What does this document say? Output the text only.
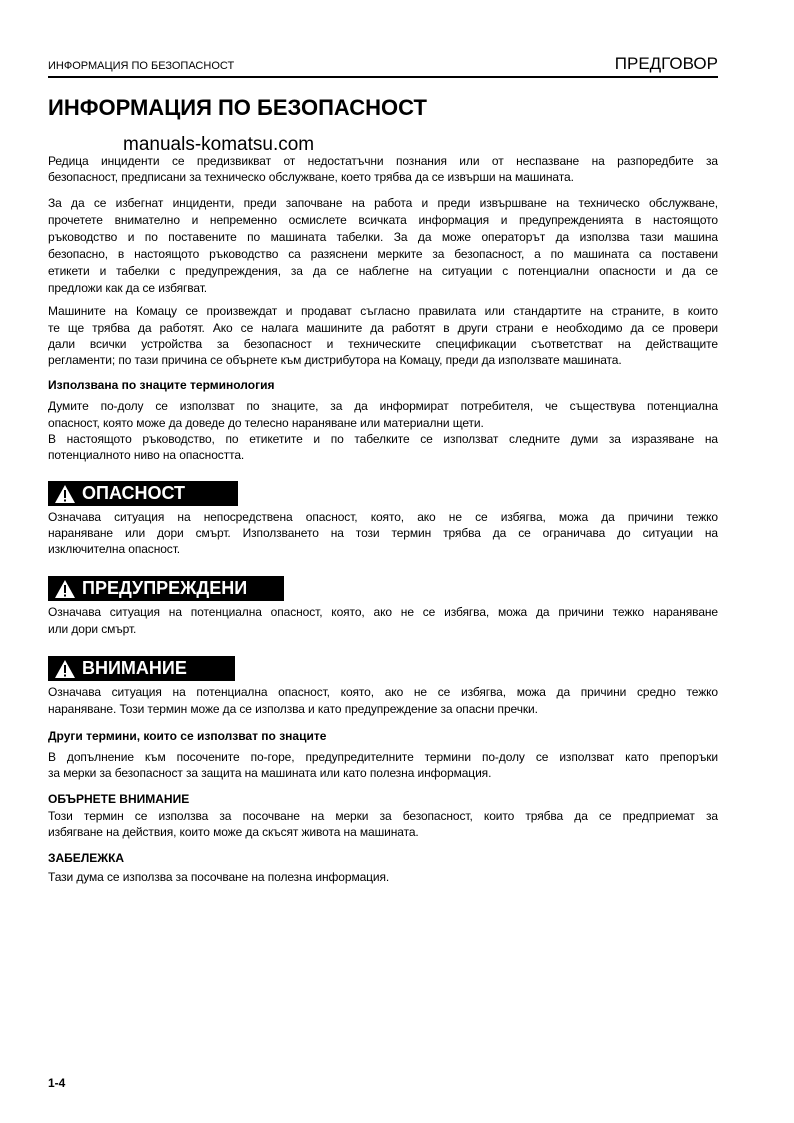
ИНФОРМАЦИЯ ПО БЕЗОПАСНОСТ	ПРЕДГОВОР
ИНФОРМАЦИЯ ПО БЕЗОПАСНОСТ
manuals-komatsu.com
Редица инциденти се предизвикват от недостатъчни познания или от неспазване на разпоредбите за
безопасност, предписани за техническо обслужване, което трябва да се извърши на машината.
За да се избегнат инциденти, преди започване на работа и преди извършване на техническо обслужване,
прочетете внимателно и непременно осмислете всичката информация и предупрежденията в настоящото
ръководство и по поставените по машината табелки. За да може операторът да използва тази машина
безопасно, в настоящото ръководство са разяснени мерките за безопасност, а по машината са поставени
етикети и табелки с предупреждения, за да се наблегне на ситуации с потенциални опасности и да се
предложи как да се избягват.
Машините на Комацу се произвеждат и продават съгласно правилата или стандартите на страните, в които
те ще трябва да работят. Ако се налага машините да работят в други страни е необходимо да се провери
дали всички устройства за безопасност и техническите спецификации съответстват на действащите
регламенти; по тази причина се обърнете към дистрибутора на Комацу, преди да използвате машината.
Използвана по знаците терминология
Думите по-долу се използват по знаците, за да информират потребителя, че съществува потенциална
опасност, която може да доведе до телесно нараняване или материални щети.
В настоящото ръководство, по етикетите и по табелките се използват следните думи за изразяване на
потенциалното ниво на опасността.
ОПАСНОСТ
Означава ситуация на непосредствена опасност, която, ако не се избягва, можа да причини тежко
нараняване или дори смърт. Използването на този термин трябва да се ограничава до ситуации на
изключителна опасност.
ПРЕДУПРЕЖДЕНИ
Означава ситуация на потенциална опасност, която, ако не се избягва, можа да причини тежко нараняване
или дори смърт.
ВНИМАНИЕ
Означава ситуация на потенциална опасност, която, ако не се избягва, можа да причини средно тежко
нараняване. Този термин може да се използва и като предупреждение за опасни пречки.
Други термини, които се използват по знаците
В допълнение към посочените по-горе, предупредителните термини по-долу се използват като препоръки
за мерки за безопасност за защита на машината или като полезна информация.
ОБЪРНЕТЕ ВНИМАНИЕ
Този термин се използва за посочване на мерки за безопасност, които трябва да се предприемат за
избягване на действия, които може да скъсят живота на машината.
ЗАБЕЛЕЖКА
Тази дума се използва за посочване на полезна информация.
1-4
